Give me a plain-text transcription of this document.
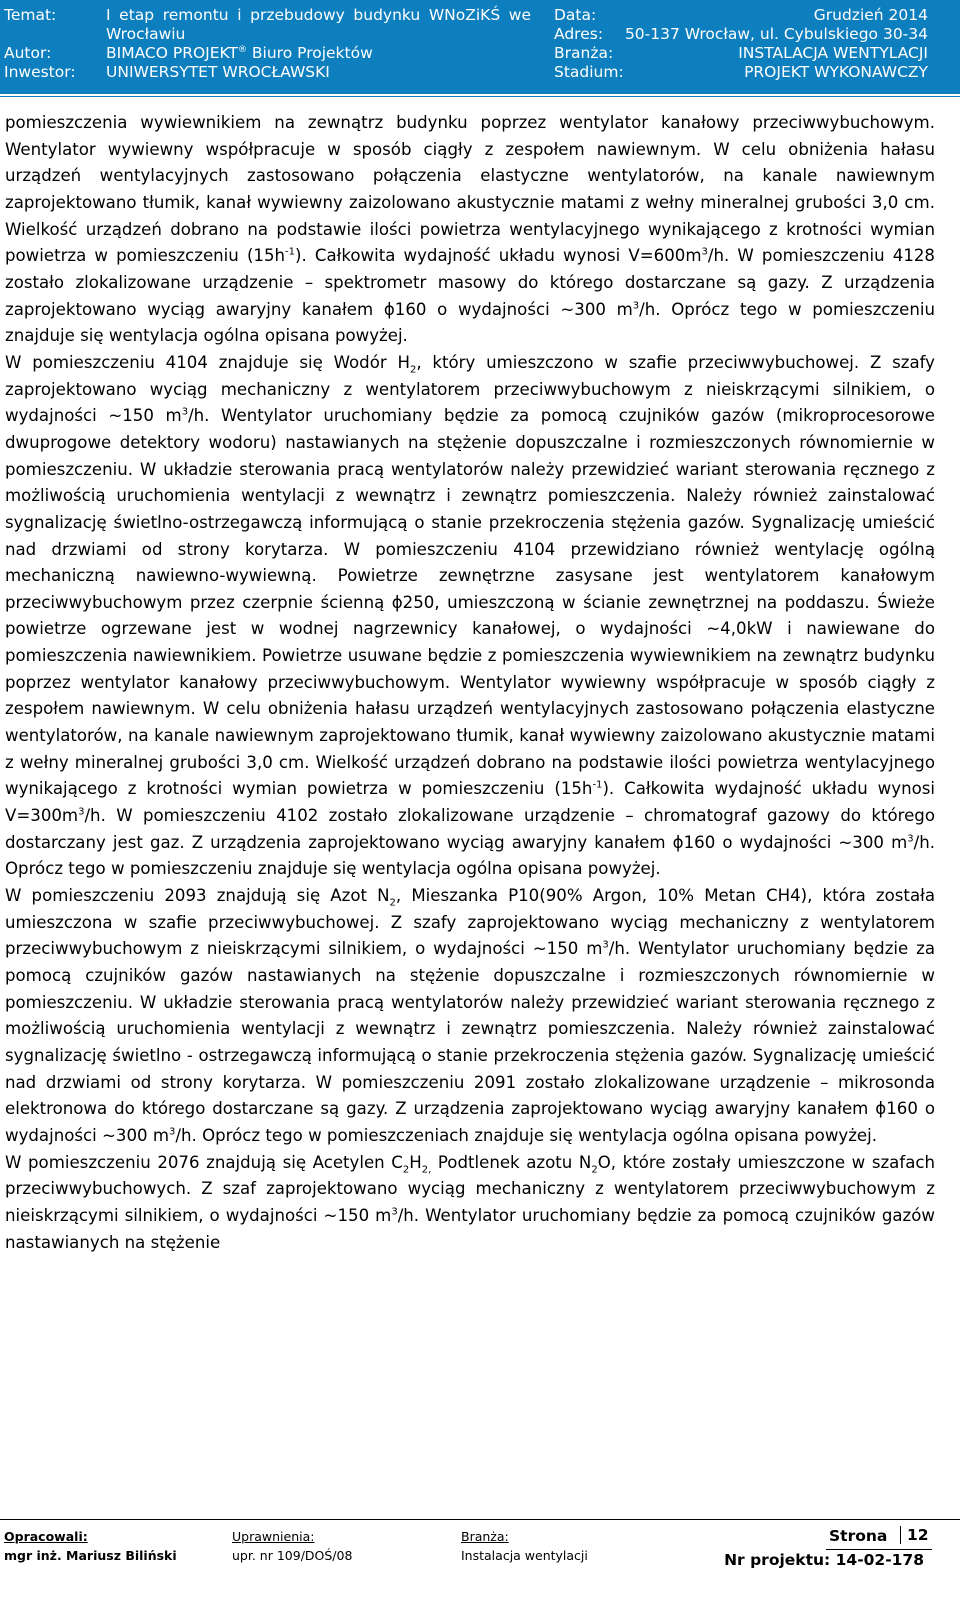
Temat:	I etap remontu i przebudowy budynku WNoZiKŚ we
Wrocławiu
Data:	Grudzień 2014
Adres: 50-137 Wrocław, ul. Cybulskiego 30-34
Autor:	BIMACO PROJEKT® Biuro Projektów	Branża:	INSTALACJA WENTYLACJI
Inwestor: UNIWERSYTET WROCŁAWSKI	Stadium:	PROJEKT WYKONAWCZY

pomieszczenia wywiewnikiem na zewnątrz budynku poprzez wentylator kanałowy przeciwwybuchowym. Wentylator wywiewny współpracuje w sposób ciągły z zespołem nawiewnym. W celu obniżenia hałasu urządzeń wentylacyjnych zastosowano połączenia elastyczne wentylatorów, na kanale nawiewnym zaprojektowano tłumik, kanał wywiewny zaizolowano akustycznie matami z wełny mineralnej grubości 3,0 cm. Wielkość urządzeń dobrano na podstawie ilości powietrza wentylacyjnego wynikającego z krotności wymian powietrza w pomieszczeniu $(15h^{-1})$. Całkowita wydajność układu wynosi $V=600m^3/h$. W pomieszczeniu 4128 zostało zlokalizowane urządzenie – spektrometr masowy do którego dostarczane są gazy. Z urządzenia zaprojektowano wyciąg awaryjny kanałem ϕ160 o wydajności ~300 $m^3/h$. Oprócz tego w pomieszczeniu znajduje się wentylacja ogólna opisana powyżej.

W pomieszczeniu 4104 znajduje się Wodór $H_2$, który umieszczono w szafie przeciwwybuchowej. Z szafy zaprojektowano wyciąg mechaniczny z wentylatorem przeciwwybuchowym z nieiskrzącymi silnikiem, o wydajności ~150 $m^3/h$. Wentylator uruchomiany będzie za pomocą czujników gazów (mikroprocesorowe dwuprogowe detektory wodoru) nastawianych na stężenie dopuszczalne i rozmieszczonych równomiernie w pomieszczeniu. W układzie sterowania pracą wentylatorów należy przewidzieć wariant sterowania ręcznego z możliwością uruchomienia wentylacji z wewnątrz i zewnątrz pomieszczenia. Należy również zainstalować sygnalizację świetlno-ostrzegawczą informującą o stanie przekroczenia stężenia gazów. Sygnalizację umieścić nad drzwiami od strony korytarza. W pomieszczeniu 4104 przewidziano również wentylację ogólną mechaniczną nawiewno-wywiewną. Powietrze zewnętrzne zasysane jest wentylatorem kanałowym przeciwwybuchowym przez czerpnie ścienną ϕ250, umieszczoną w ścianie zewnętrznej na poddaszu. Świeże powietrze ogrzewane jest w wodnej nagrzewnicy kanałowej, o wydajności ~4,0kW i nawiewane do pomieszczenia nawiewnikiem. Powietrze usuwane będzie z pomieszczenia wywiewnikiem na zewnątrz budynku poprzez wentylator kanałowy przeciwwybuchowym. Wentylator wywiewny współpracuje w sposób ciągły z zespołem nawiewnym. W celu obniżenia hałasu urządzeń wentylacyjnych zastosowano połączenia elastyczne wentylatorów, na kanale nawiewnym zaprojektowano tłumik, kanał wywiewny zaizolowano akustycznie matami z wełny mineralnej grubości 3,0 cm. Wielkość urządzeń dobrano na podstawie ilości powietrza wentylacyjnego wynikającego z krotności wymian powietrza w pomieszczeniu $(15h^{-1})$. Całkowita wydajność układu wynosi $V=300m^3/h$. W pomieszczeniu 4102 zostało zlokalizowane urządzenie – chromatograf gazowy do którego dostarczany jest gaz. Z urządzenia zaprojektowano wyciąg awaryjny kanałem ϕ160 o wydajności ~300 $m^3/h$. Oprócz tego w pomieszczeniu znajduje się wentylacja ogólna opisana powyżej.

W pomieszczeniu 2093 znajdują się Azot $N_2$, Mieszanka P10(90% Argon, 10% Metan CH4), która została umieszczona w szafie przeciwwybuchowej. Z szafy zaprojektowano wyciąg mechaniczny z wentylatorem przeciwwybuchowym z nieiskrzącymi silnikiem, o wydajności ~150 $m^3/h$. Wentylator uruchomiany będzie za pomocą czujników gazów nastawianych na stężenie dopuszczalne i rozmieszczonych równomiernie w pomieszczeniu. W układzie sterowania pracą wentylatorów należy przewidzieć wariant sterowania ręcznego z możliwością uruchomienia wentylacji z wewnątrz i zewnątrz pomieszczenia. Należy również zainstalować sygnalizację świetlno - ostrzegawczą informującą o stanie przekroczenia stężenia gazów. Sygnalizację umieścić nad drzwiami od strony korytarza. W pomieszczeniu 2091 zostało zlokalizowane urządzenie – mikrosonda elektronowa do którego dostarczane są gazy. Z urządzenia zaprojektowano wyciąg awaryjny kanałem ϕ160 o wydajności ~300 $m^3/h$. Oprócz tego w pomieszczeniach znajduje się wentylacja ogólna opisana powyżej.

W pomieszczeniu 2076 znajdują się Acetylen $C_2H_{2,}$ Podtlenek azotu $N_2O$, które zostały umieszczone w szafach przeciwwybuchowych. Z szaf zaprojektowano wyciąg mechaniczny z wentylatorem przeciwwybuchowym z nieiskrzącymi silnikiem, o wydajności ~150 $m^3/h$. Wentylator uruchomiany będzie za pomocą czujników gazów nastawianych na stężenie

Opracowali:
mgr inż. Mariusz Biliński
Uprawnienia:
upr. nr 109/DOŚ/08
Branża:
Instalacja wentylacji
Strona	12
Nr projektu: 14-02-178
